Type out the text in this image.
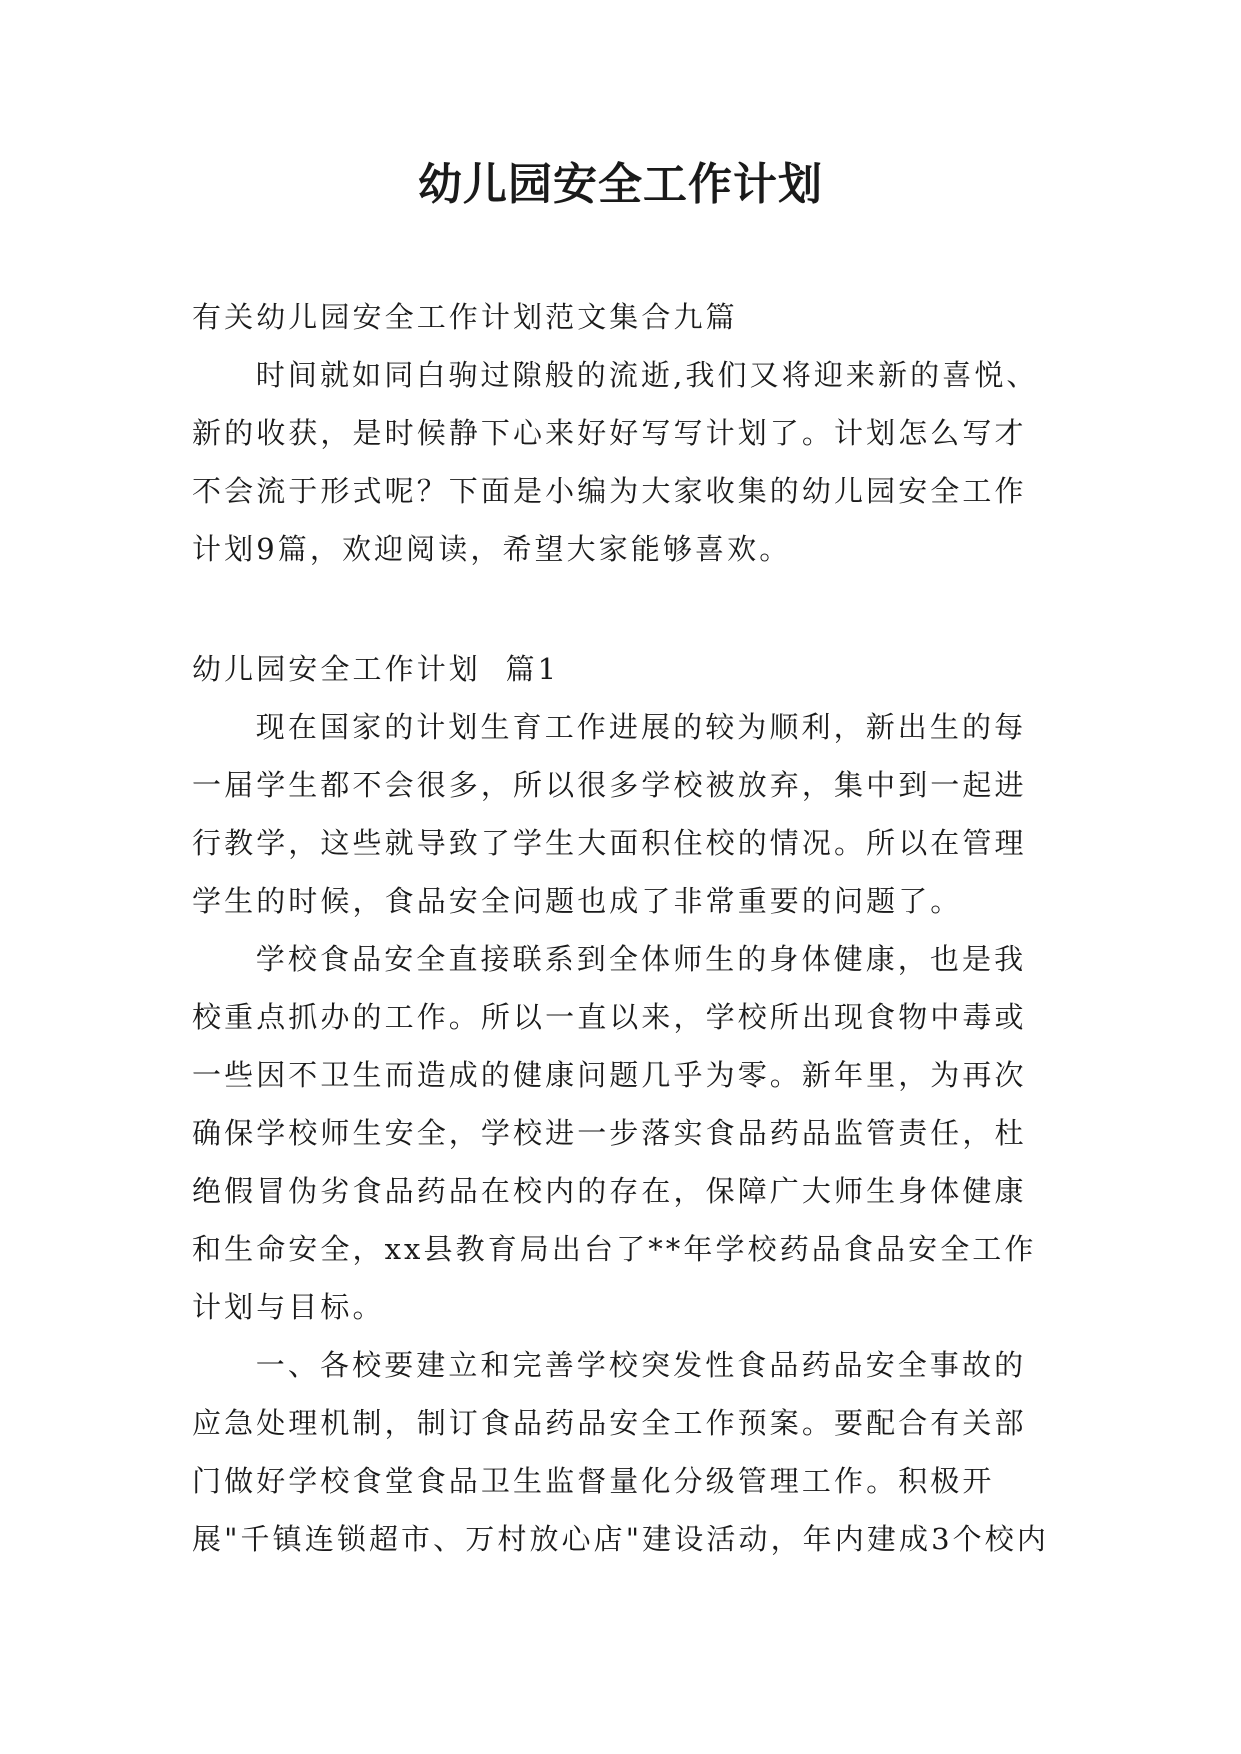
幼儿园安全工作计划

有关幼儿园安全工作计划范文集合九篇

时间就如同白驹过隙般的流逝,我们又将迎来新的喜悦、新的收获，是时候静下心来好好写写计划了。计划怎么写才不会流于形式呢？下面是小编为大家收集的幼儿园安全工作计划9篇，欢迎阅读，希望大家能够喜欢。

幼儿园安全工作计划  篇1

现在国家的计划生育工作进展的较为顺利，新出生的每一届学生都不会很多，所以很多学校被放弃，集中到一起进行教学，这些就导致了学生大面积住校的情况。所以在管理学生的时候，食品安全问题也成了非常重要的问题了。

学校食品安全直接联系到全体师生的身体健康，也是我校重点抓办的工作。所以一直以来，学校所出现食物中毒或一些因不卫生而造成的健康问题几乎为零。新年里，为再次确保学校师生安全，学校进一步落实食品药品监管责任，杜绝假冒伪劣食品药品在校内的存在，保障广大师生身体健康和生命安全，xx县教育局出台了**年学校药品食品安全工作计划与目标。

一、各校要建立和完善学校突发性食品药品安全事故的应急处理机制，制订食品药品安全工作预案。要配合有关部门做好学校食堂食品卫生监督量化分级管理工作。积极开展"千镇连锁超市、万村放心店"建设活动，年内建成3个校内
